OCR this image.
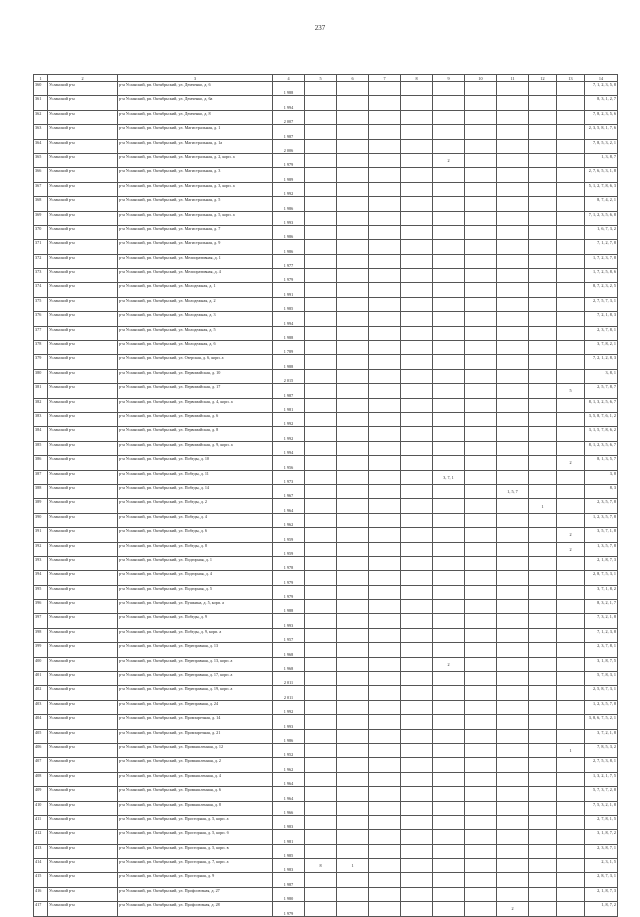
237
1	2	3	4	5	6	7	8	9	10	11	12	13	14
360	Усланский р-н	р-н Усланский, рп. Октябрьский, ул. Демченко, д. 6	1 988										7, 1, 2, 3, 5, 8
361	Усланский р-н	р-н Усланский, рп. Октябрьский, ул. Демченко, д. 6а	1 994										8, 3, 1, 2, 7
362	Усланский р-н	р-н Усланский, рп. Октябрьский, ул. Демченко, д. 8	2 007										7, 8, 2, 3, 5, 6
363	Усланский р-н	р-н Усланский, рп. Октябрьский, ул. Магистральная, д. 1	1 987										2, 3, 5, 8, 1, 7, 6
364	Усланский р-н	р-н Усланский, рп. Октябрьский, ул. Магистральная, д. 1а	2 006										7, 8, 5, 3, 2, 1
365	Усланский р-н	р-н Усланский, рп. Октябрьский, ул. Магистральная, д. 2, корп. а	1 979					2					1, 3, 8, 7
366	Усланский р-н	р-н Усланский, рп. Октябрьский, ул. Магистральная, д. 3	1 989										2, 7, 6, 5, 3, 1, 8
367	Усланский р-н	р-н Усланский, рп. Октябрьский, ул. Магистральная, д. 3, корп. а	1 992										5, 1, 2, 7, 8, 6, 3
368	Усланский р-н	р-н Усланский, рп. Октябрьский, ул. Магистральная, д. 5	1 986										8, 7, 4, 2, 1
369	Усланский р-н	р-н Усланский, рп. Октябрьский, ул. Магистральная, д. 5, корп. а	1 993										7, 1, 2, 3, 5, 6, 8
370	Усланский р-н	р-н Усланский, рп. Октябрьский, ул. Магистральная, д. 7	1 986										1, 6, 7, 3, 2
371	Усланский р-н	р-н Усланский, рп. Октябрьский, ул. Магистральная, д. 9	1 986										7, 1, 2, 7, 8
372	Усланский р-н	р-н Усланский, рп. Октябрьский, ул. Мелиоративная, д. 1	1 977										1, 7, 2, 3, 7, 8
373	Усланский р-н	р-н Усланский, рп. Октябрьский, ул. Мелиоративная, д. 4	1 979										1, 7, 2, 5, 8, 6
374	Усланский р-н	р-н Усланский, рп. Октябрьский, ул. Молодежная, д. 1	1 991										8, 7, 2, 3, 2, 5
375	Усланский р-н	р-н Усланский, рп. Октябрьский, ул. Молодежная, д. 2	1 985										2, 7, 5, 7, 3, 1
376	Усланский р-н	р-н Усланский, рп. Октябрьский, ул. Молодежная, д. 3	1 994										7, 2, 1, 8, 3
377	Усланский р-н	р-н Усланский, рп. Октябрьский, ул. Молодежная, д. 5	1 988										2, 3, 7, 8, 1
378	Усланский р-н	р-н Усланский, рп. Октябрьский, ул. Молодежная, д. 6	1 789										3, 7, 8, 2, 1
379	Усланский р-н	р-н Усланский, рп. Октябрьский, ул. Озерская, д. 6, корп. а	1 988										7, 2, 1, 2, 8, 3
380	Усланский р-н	р-н Усланский, рп. Октябрьский, ул. Первомайская, д. 10	2 015										3, 8, 1
381	Усланский р-н	р-н Усланский, рп. Октябрьский, ул. Первомайская, д. 17	1 987									5	2, 5, 7, 8, 7
382	Усланский р-н	р-н Усланский, рп. Октябрьский, ул. Первомайская, д. 4, корп. а	1 981										8, 1, 3, 2, 5, 6, 7
383	Усланский р-н	р-н Усланский, рп. Октябрьский, ул. Первомайская, д. 6	1 992										3, 5, 8, 7, 6, 1, 2
384	Усланский р-н	р-н Усланский, рп. Октябрьский, ул. Первомайская, д. 8	1 992										3, 1, 5, 7, 8, 6, 2
385	Усланский р-н	р-н Усланский, рп. Октябрьский, ул. Первомайская, д. 9, корп. а	1 994										8, 1, 2, 3, 5, 6, 7
386	Усланский р-н	р-н Усланский, рп. Октябрьский, ул. Победы, д. 10	1 956									2	8, 1, 3, 5, 7
387	Усланский р-н	р-н Усланский, рп. Октябрьский, ул. Победы, д. 11	1 973					3, 7, 1					3, 8
388	Усланский р-н	р-н Усланский, рп. Октябрьский, ул. Победы, д. 14	1 967							1, 5, 7			8, 3
389	Усланский р-н	р-н Усланский, рп. Октябрьский, ул. Победы, д. 2	1 964								1		2, 3, 5, 7, 8
390	Усланский р-н	р-н Усланский, рп. Октябрьский, ул. Победы, д. 4	1 962										1, 2, 3, 5, 7, 8
391	Усланский р-н	р-н Усланский, рп. Октябрьский, ул. Победы, д. 6	1 959									2	3, 5, 7, 1, 8
392	Усланский р-н	р-н Усланский, рп. Октябрьский, ул. Победы, д. 8	1 959									2	1, 3, 5, 7, 8
393	Усланский р-н	р-н Усланский, рп. Октябрьский, ул. Подгорная, д. 1	1 978										2, 1, 8, 7, 3
394	Усланский р-н	р-н Усланский, рп. Октябрьский, ул. Подгорная, д. 4	1 979										2, 8, 7, 5, 3, 1
395	Усланский р-н	р-н Усланский, рп. Октябрьский, ул. Подгорная, д. 5	1 979										3, 7, 1, 8, 2
396	Усланский р-н	р-н Усланский, рп. Октябрьский, ул. Пушкина, д. 5, корп. а	1 988										8, 3, 2, 1, 7
397	Усланский р-н	р-н Усланский, рп. Октябрьский, ул. Победы, д. 9	1 993										7, 3, 2, 1, 8
398	Усланский р-н	р-н Усланский, рп. Октябрьский, ул. Победы, д. 9, корп. а	1 957										7, 1, 2, 3, 8
399	Усланский р-н	р-н Усланский, рп. Октябрьский, ул. Переправная, д. 13	1 968										2, 3, 7, 8, 1
400	Усланский р-н	р-н Усланский, рп. Октябрьский, ул. Переправная, д. 13, корп. а	1 968					2					3, 1, 8, 7, 5
401	Усланский р-н	р-н Усланский, рп. Октябрьский, ул. Переправная, д. 17, корп. а	2 011										5, 7, 8, 3, 1
402	Усланский р-н	р-н Усланский, рп. Октябрьский, ул. Переправная, д. 19, корп. а	2 011										2, 5, 8, 7, 3, 1
403	Усланский р-н	р-н Усланский, рп. Октябрьский, ул. Переправная, д. 24	1 992										1, 2, 3, 5, 7, 8
404	Усланский р-н	р-н Усланский, рп. Октябрьский, ул. Промзаречная, д. 14	1 993										3, 8, 6, 7, 5, 2, 1
405	Усланский р-н	р-н Усланский, рп. Октябрьский, ул. Промзаречная, д. 21	1 986										3, 7, 2, 1, 8
406	Усланский р-н	р-н Усланский, рп. Октябрьский, ул. Промышленная, д. 12	1 952									1	7, 8, 5, 3, 2
407	Усланский р-н	р-н Усланский, рп. Октябрьский, ул. Промышленная, д. 2	1 962										2, 7, 5, 3, 8, 1
408	Усланский р-н	р-н Усланский, рп. Октябрьский, ул. Промышленная, д. 4	1 964										1, 3, 2, 1, 7, 5
409	Усланский р-н	р-н Усланский, рп. Октябрьский, ул. Промышленная, д. 6	1 964										5, 7, 3, 7, 2, 8
410	Усланский р-н	р-н Усланский, рп. Октябрьский, ул. Промышленная, д. 8	1 966										7, 5, 3, 2, 1, 8
411	Усланский р-н	р-н Усланский, рп. Октябрьский, ул. Просторная, д. 5, корп. а	1 983										2, 7, 8, 1, 5
412	Усланский р-н	р-н Усланский, рп. Октябрьский, ул. Просторная, д. 5, корп. б	1 981										3, 1, 8, 7, 2
413	Усланский р-н	р-н Усланский, рп. Октябрьский, ул. Просторная, д. 5, корп. в	1 985										2, 3, 8, 7, 1
414	Усланский р-н	р-н Усланский, рп. Октябрьский, ул. Просторная, д. 7, корп. а	1 983	8	1								2, 3, 1, 5
415	Усланский р-н	р-н Усланский, рп. Октябрьский, ул. Просторная, д. 9	1 987										2, 8, 7, 3, 1
416	Усланский р-н	р-н Усланский, рп. Октябрьский, ул. Профсоюзная, д. 27	1 980										2, 1, 8, 7, 3
417	Усланский р-н	р-н Усланский, рп. Октябрьский, ул. Профсоюзная, д. 28	1 979							2			1, 8, 7, 2
